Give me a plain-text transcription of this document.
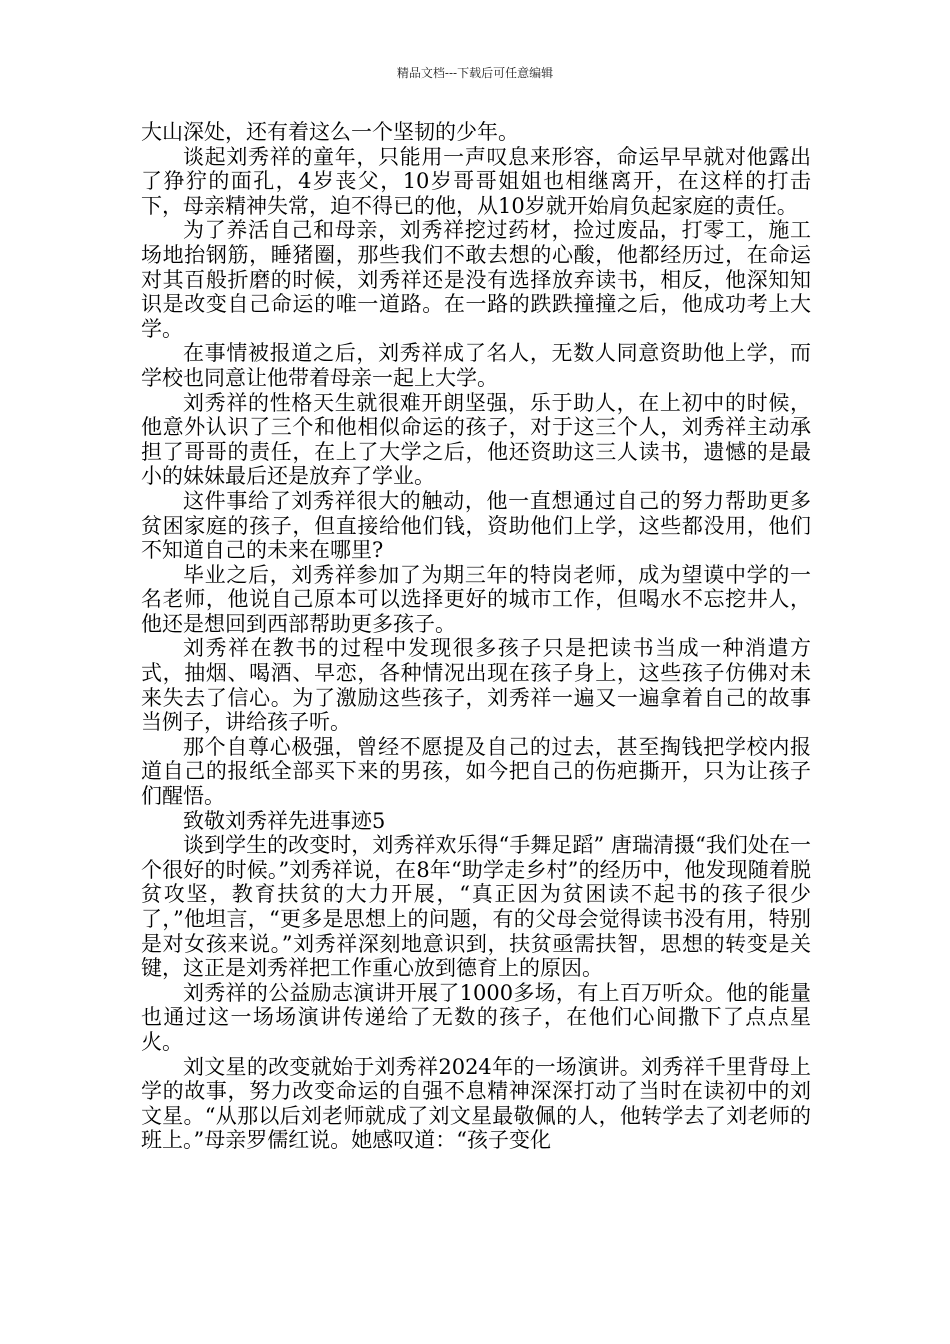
精品文档---下载后可任意编辑

大山深处，还有着这么一个坚韧的少年。

谈起刘秀祥的童年，只能用一声叹息来形容，命运早早就对他露出了狰狞的面孔，4岁丧父，10岁哥哥姐姐也相继离开，在这样的打击下，母亲精神失常，迫不得已的他，从10岁就开始肩负起家庭的责任。

为了养活自己和母亲，刘秀祥挖过药材，捡过废品，打零工，施工场地抬钢筋，睡猪圈，那些我们不敢去想的心酸，他都经历过，在命运对其百般折磨的时候，刘秀祥还是没有选择放弃读书，相反，他深知知识是改变自己命运的唯一道路。在一路的跌跌撞撞之后，他成功考上大学。

在事情被报道之后，刘秀祥成了名人，无数人同意资助他上学，而学校也同意让他带着母亲一起上大学。

刘秀祥的性格天生就很难开朗坚强，乐于助人，在上初中的时候，他意外认识了三个和他相似命运的孩子，对于这三个人，刘秀祥主动承担了哥哥的责任，在上了大学之后，他还资助这三人读书，遗憾的是最小的妹妹最后还是放弃了学业。

这件事给了刘秀祥很大的触动，他一直想通过自己的努力帮助更多贫困家庭的孩子，但直接给他们钱，资助他们上学，这些都没用，他们不知道自己的未来在哪里?

毕业之后，刘秀祥参加了为期三年的特岗老师，成为望谟中学的一名老师，他说自己原本可以选择更好的城市工作，但喝水不忘挖井人，他还是想回到西部帮助更多孩子。

刘秀祥在教书的过程中发现很多孩子只是把读书当成一种消遣方式，抽烟、喝酒、早恋，各种情况出现在孩子身上，这些孩子仿佛对未来失去了信心。为了激励这些孩子，刘秀祥一遍又一遍拿着自己的故事当例子，讲给孩子听。

那个自尊心极强，曾经不愿提及自己的过去，甚至掏钱把学校内报道自己的报纸全部买下来的男孩，如今把自己的伤疤撕开，只为让孩子们醒悟。

致敬刘秀祥先进事迹5

谈到学生的改变时，刘秀祥欢乐得“手舞足蹈” 唐瑞清摄“我们处在一个很好的时候。”刘秀祥说，在8年“助学走乡村”的经历中，他发现随着脱贫攻坚，教育扶贫的大力开展，“真正因为贫困读不起书的孩子很少了，”他坦言，“更多是思想上的问题，有的父母会觉得读书没有用，特别是对女孩来说。”刘秀祥深刻地意识到，扶贫亟需扶智，思想的转变是关键，这正是刘秀祥把工作重心放到德育上的原因。

刘秀祥的公益励志演讲开展了1000多场，有上百万听众。他的能量也通过这一场场演讲传递给了无数的孩子，在他们心间撒下了点点星火。

刘文星的改变就始于刘秀祥2024年的一场演讲。刘秀祥千里背母上学的故事，努力改变命运的自强不息精神深深打动了当时在读初中的刘文星。“从那以后刘老师就成了刘文星最敬佩的人，他转学去了刘老师的班上。”母亲罗儒红说。她感叹道：“孩子变化
